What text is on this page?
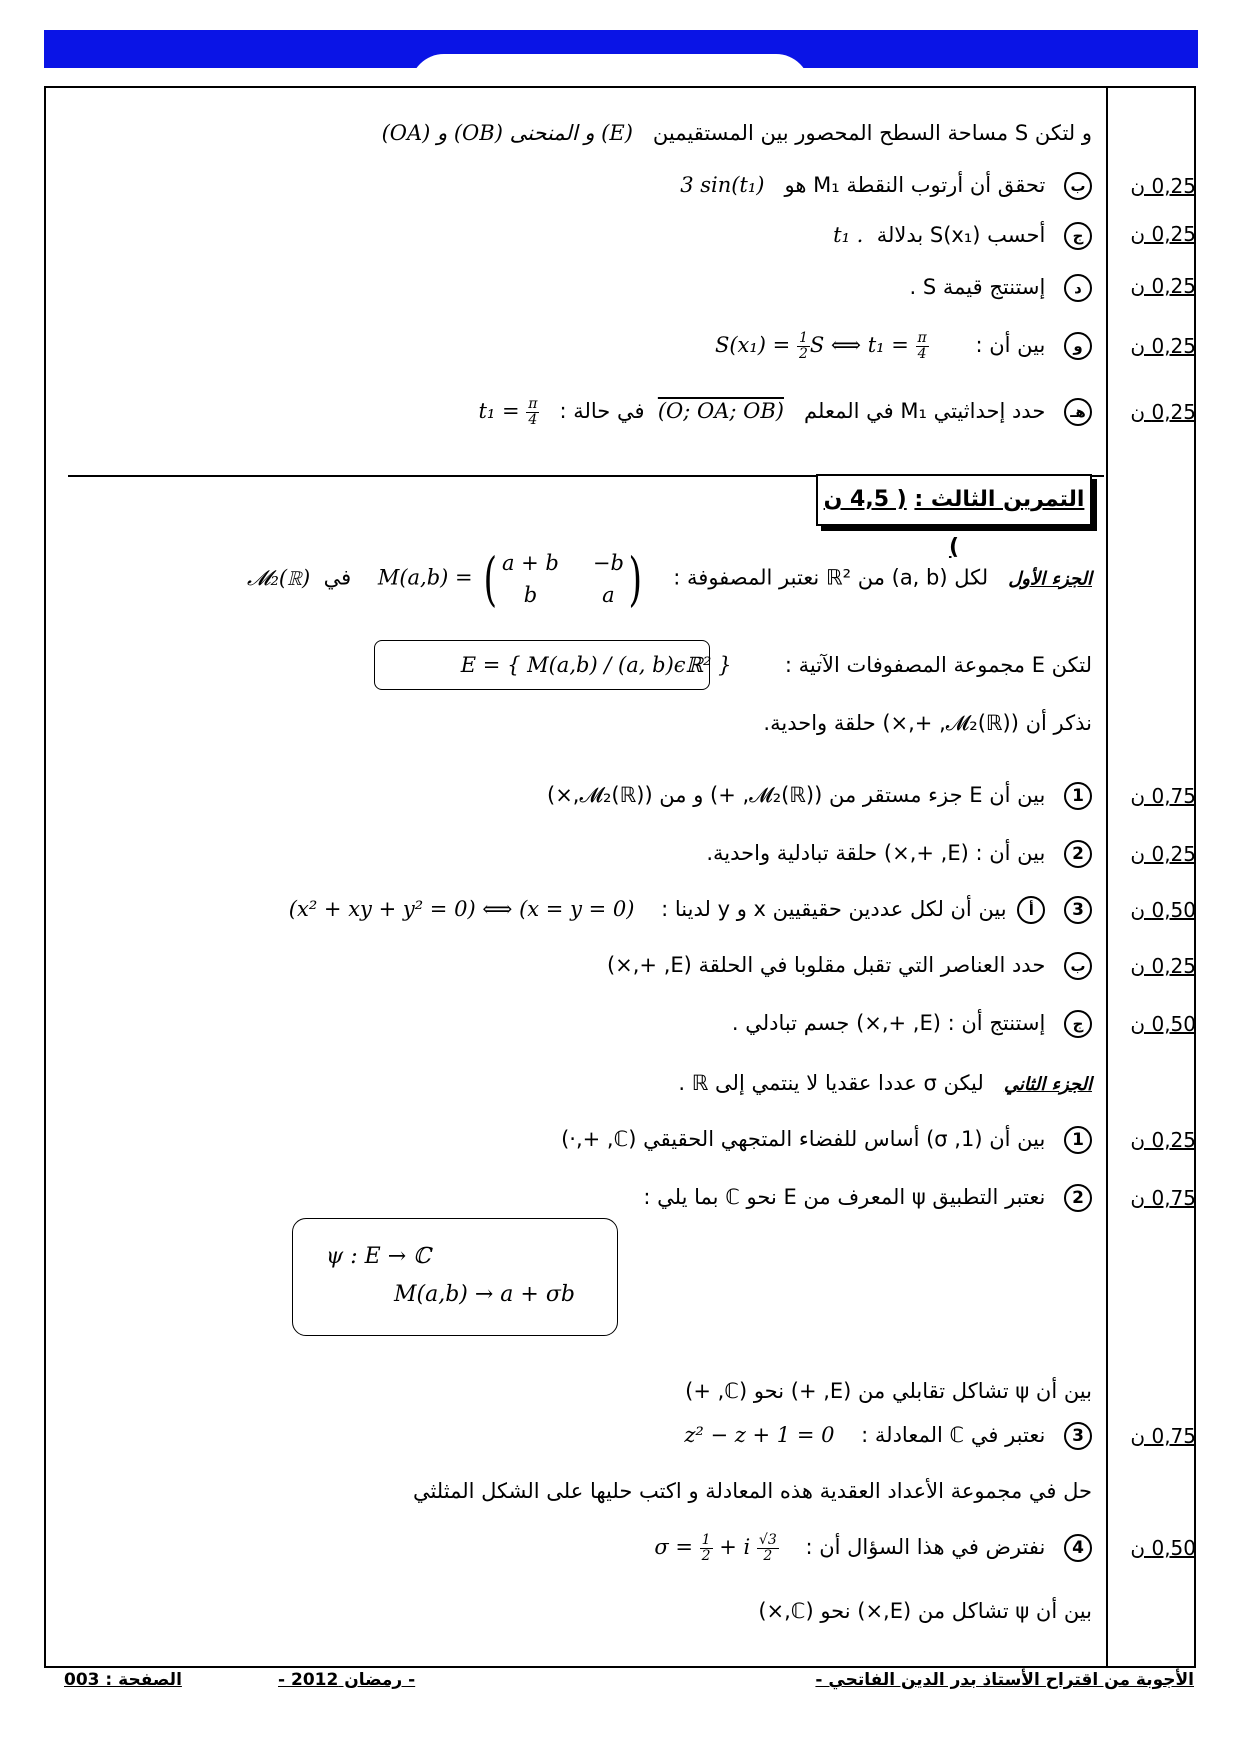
و لتكن S مساحة السطح المحصور بين المستقيمين   (OA) و (OB) و المنحنى (E)
0,25 ن
ب تحقق أن أرتوب النقطة M₁ هو   3 sin(t₁)
0,25 ن
ج أحسب S(x₁) بدلالة  t₁ .
0,25 ن
د إستنتج قيمة S .
0,25 ن
و بين أن :       $S(x_1) = \frac{1}{2}$ S ⟺ $t_1 = \frac{\pi}{4}$
0,25 ن
هـ حدد إحداثيتي M₁ في المعلم   (O; OA; OB)  في حالة :   $t_1 = \frac{\pi}{4}$
التمرين الثالث : ( 4,5 ن )
الجزء الأول   لكل (a, b) من ℝ² نعتبر المصفوفة :    M(a,b) = ( a + b −b
b	a )
في  𝓜₂(ℝ)
لتكن E مجموعة المصفوفات الآتية :        E = { M(a,b) / (a, b)ϵℝ² }
نذكر أن (𝓜₂(ℝ), +,×) حلقة واحدية.
0,75 ن
1 بين أن E جزء مستقر من (𝓜₂(ℝ), +) و من (𝓜₂(ℝ),×)
0,25 ن
2 بين أن : (E, +,×) حلقة تبادلية واحدية.
0,50 ن
3 أ بين أن لكل عددين حقيقيين x و y لدينا :    (x² + xy + y² = 0) ⟺ (x = y = 0)
0,25 ن
ب حدد العناصر التي تقبل مقلوبا في الحلقة (E, +,×)
0,50 ن
ج إستنتج أن : (E, +,×) جسم تبادلي .
الجزء الثاني   ليكن σ عددا عقديا لا ينتمي إلى ℝ .
0,25 ن
1 بين أن (1, σ) أساس للفضاء المتجهي الحقيقي (ℂ, +,·)
0,75 ن
2 نعتبر التطبيق ψ المعرف من E نحو ℂ بما يلي :
ψ : E → ℂ
M(a,b) → a + σb
بين أن ψ تشاكل تقابلي من (E, +) نحو (ℂ, +)
0,75 ن
3 نعتبر في ℂ المعادلة :    z² − z + 1 = 0
حل في مجموعة الأعداد العقدية هذه المعادلة و اكتب حليها على الشكل المثلثي
0,50 ن
4 نفترض في هذا السؤال أن :    $\sigma = \frac{1}{2} + i \frac{√3}{2}$
بين أن ψ تشاكل من (E,×) نحو (ℂ,×)
الأجوبة من اقتراح الأستاذ بدر الدين الفاتحي -
- رمضان 2012 -
الصفحة : 003
